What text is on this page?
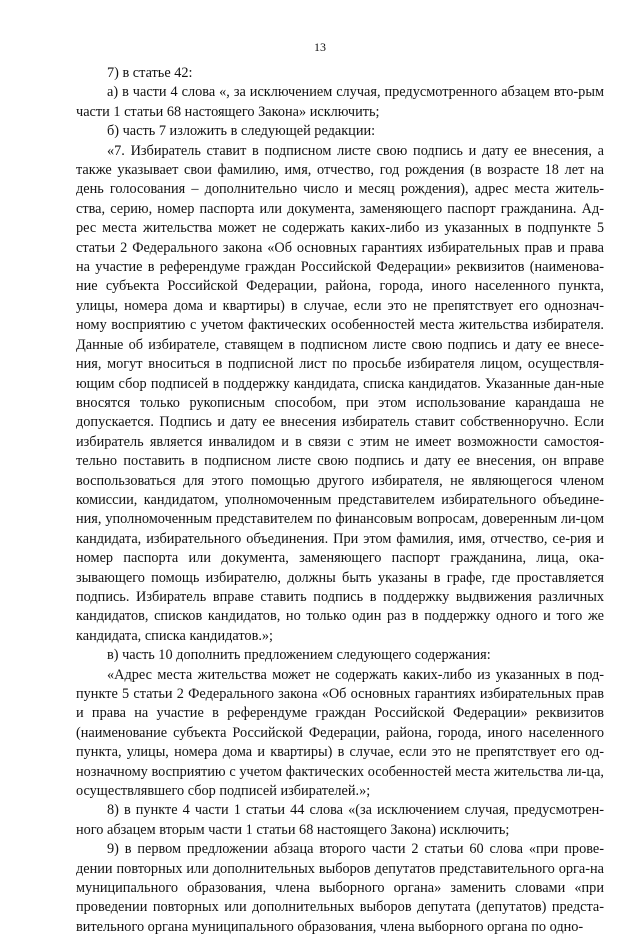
13

7) в статье 42:

а) в части 4 слова «, за исключением случая, предусмотренного абзацем вто-рым части 1 статьи 68 настоящего Закона» исключить;

б) часть 7 изложить в следующей редакции:

«7. Избиратель ставит в подписном листе свою подпись и дату ее внесения, а также указывает свои фамилию, имя, отчество, год рождения (в возрасте 18 лет на день голосования – дополнительно число и месяц рождения), адрес места житель-ства, серию, номер паспорта или документа, заменяющего паспорт гражданина. Ад-рес места жительства может не содержать каких-либо из указанных в подпункте 5 статьи 2 Федерального закона «Об основных гарантиях избирательных прав и права на участие в референдуме граждан Российской Федерации» реквизитов (наименова-ние субъекта Российской Федерации, района, города, иного населенного пункта, улицы, номера дома и квартиры) в случае, если это не препятствует его однознач-ному восприятию с учетом фактических особенностей места жительства избирателя. Данные об избирателе, ставящем в подписном листе свою подпись и дату ее внесе-ния, могут вноситься в подписной лист по просьбе избирателя лицом, осуществля-ющим сбор подписей в поддержку кандидата, списка кандидатов. Указанные дан-ные вносятся только рукописным способом, при этом использование карандаша не допускается. Подпись и дату ее внесения избиратель ставит собственноручно. Если избиратель является инвалидом и в связи с этим не имеет возможности самостоя-тельно поставить в подписном листе свою подпись и дату ее внесения, он вправе воспользоваться для этого помощью другого избирателя, не являющегося членом комиссии, кандидатом, уполномоченным представителем избирательного объедине-ния, уполномоченным представителем по финансовым вопросам, доверенным ли-цом кандидата, избирательного объединения. При этом фамилия, имя, отчество, се-рия и номер паспорта или документа, заменяющего паспорт гражданина, лица, ока-зывающего помощь избирателю, должны быть указаны в графе, где проставляется подпись. Избиратель вправе ставить подпись в поддержку выдвижения различных кандидатов, списков кандидатов, но только один раз в поддержку одного и того же кандидата, списка кандидатов.»;

в) часть 10 дополнить предложением следующего содержания:

«Адрес места жительства может не содержать каких-либо из указанных в под-пункте 5 статьи 2 Федерального закона «Об основных гарантиях избирательных прав и права на участие в референдуме граждан Российской Федерации» реквизитов (наименование субъекта Российской Федерации, района, города, иного населенного пункта, улицы, номера дома и квартиры) в случае, если это не препятствует его од-нозначному восприятию с учетом фактических особенностей места жительства ли-ца, осуществлявшего сбор подписей избирателей.»;

8) в пункте 4 части 1 статьи 44 слова «(за исключением случая, предусмотрен-ного абзацем вторым части 1 статьи 68 настоящего Закона) исключить;

9) в первом предложении абзаца второго части 2 статьи 60 слова «при прове-дении повторных или дополнительных выборов депутатов представительного орга-на муниципального образования, члена выборного органа» заменить словами «при проведении повторных или дополнительных выборов депутата (депутатов) предста-вительного органа муниципального образования, члена выборного органа по одно-
